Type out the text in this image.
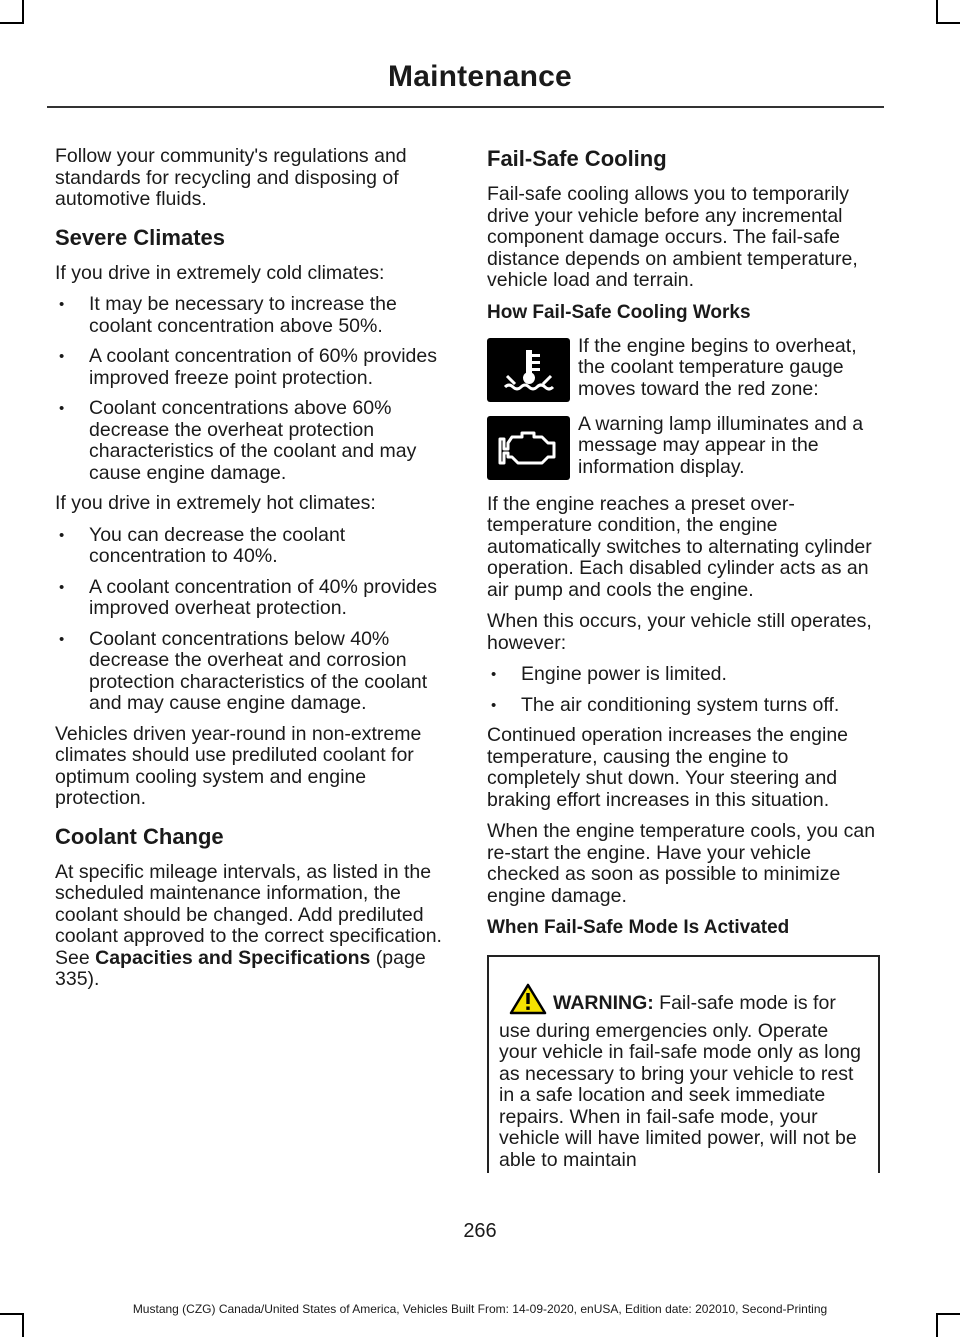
Maintenance

Follow your community's regulations and standards for recycling and disposing of automotive fluids.

Severe Climates

If you drive in extremely cold climates:

• It may be necessary to increase the coolant concentration above 50%.
• A coolant concentration of 60% provides improved freeze point protection.
• Coolant concentrations above 60% decrease the overheat protection characteristics of the coolant and may cause engine damage.

If you drive in extremely hot climates:

• You can decrease the coolant concentration to 40%.
• A coolant concentration of 40% provides improved overheat protection.
• Coolant concentrations below 40% decrease the overheat and corrosion protection characteristics of the coolant and may cause engine damage.

Vehicles driven year-round in non-extreme climates should use prediluted coolant for optimum cooling system and engine protection.

Coolant Change

At specific mileage intervals, as listed in the scheduled maintenance information, the coolant should be changed. Add prediluted coolant approved to the correct specification. See Capacities and Specifications (page 335).

Fail-Safe Cooling

Fail-safe cooling allows you to temporarily drive your vehicle before any incremental component damage occurs. The fail-safe distance depends on ambient temperature, vehicle load and terrain.

How Fail-Safe Cooling Works
If the engine begins to overheat, the coolant temperature gauge moves toward the red zone:
A warning lamp illuminates and a message may appear in the information display.

If the engine reaches a preset over-temperature condition, the engine automatically switches to alternating cylinder operation. Each disabled cylinder acts as an air pump and cools the engine.

When this occurs, your vehicle still operates, however:

• Engine power is limited.
• The air conditioning system turns off.

Continued operation increases the engine temperature, causing the engine to completely shut down. Your steering and braking effort increases in this situation.

When the engine temperature cools, you can re-start the engine. Have your vehicle checked as soon as possible to minimize engine damage.

When Fail-Safe Mode Is Activated
WARNING: Fail-safe mode is for use during emergencies only. Operate your vehicle in fail-safe mode only as long as necessary to bring your vehicle to rest in a safe location and seek immediate repairs. When in fail-safe mode, your vehicle will have limited power, will not be able to maintain
266
Mustang (CZG) Canada/United States of America, Vehicles Built From: 14-09-2020, enUSA, Edition date: 202010, Second-Printing
